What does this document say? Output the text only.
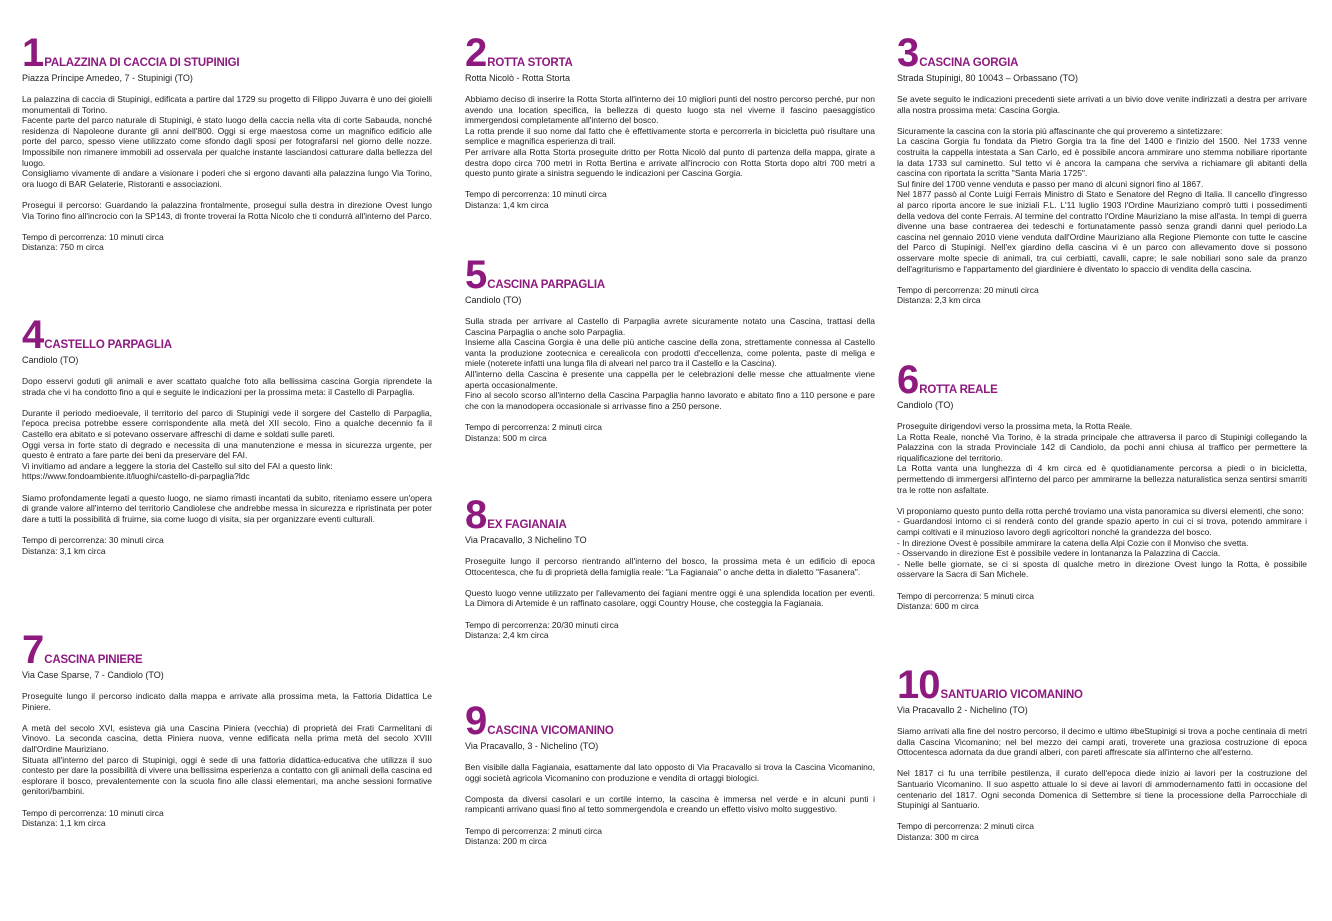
1 PALAZZINA DI CACCIA DI STUPINIGI
Piazza Principe Amedeo, 7 - Stupinigi (TO)
La palazzina di caccia di Stupinigi, edificata a partire dal 1729 su progetto di Filippo Juvarra è uno dei gioielli monumentali di Torino.
Facente parte del parco naturale di Stupinigi, è stato luogo della caccia nella vita di corte Sabauda, nonché residenza di Napoleone durante gli anni dell'800. Oggi si erge maestosa come un magnifico edificio alle porte del parco, spesso viene utilizzato come sfondo dagli sposi per fotografarsi nel giorno delle nozze. Impossibile non rimanere immobili ad osservala per qualche instante lasciandosi catturare dalla bellezza del luogo.
Consigliamo vivamente di andare a visionare i poderi che si ergono davanti alla palazzina lungo Via Torino, ora luogo di BAR Gelaterie, Ristoranti e associazioni.
Prosegui il percorso: Guardando la palazzina frontalmente, prosegui sulla destra in direzione Ovest lungo Via Torino fino all'incrocio con la SP143, di fronte troverai la Rotta Nicolo che ti condurrà all'interno del Parco.
Tempo di percorrenza: 10 minuti circa
Distanza: 750 m circa
4 CASTELLO PARPAGLIA
Candiolo (TO)
Dopo esservi goduti gli animali e aver scattato qualche foto alla bellissima cascina Gorgia riprendete la strada che vi ha condotto fino a qui e seguite le indicazioni per la prossima meta: il Castello di Parpaglia.
Durante il periodo medioevale, il territorio del parco di Stupinigi vede il sorgere del Castello di Parpaglia, l'epoca precisa potrebbe essere corrispondente alla metà del XII secolo. Fino a qualche decennio fa il Castello era abitato e si potevano osservare affreschi di dame e soldati sulle pareti.
Oggi versa in forte stato di degrado e necessita di una manutenzione e messa in sicurezza urgente, per questo è entrato a fare parte dei beni da preservare del FAI.
Vi invitiamo ad andare a leggere la storia del Castello sul sito del FAI a questo link:
https://www.fondoambiente.it/luoghi/castello-di-parpaglia?ldc
Siamo profondamente legati a questo luogo, ne siamo rimasti incantati da subito, riteniamo essere un'opera di grande valore all'interno del territorio Candiolese che andrebbe messa in sicurezza e ripristinata per poter dare a tutti la possibilità di fruirne, sia come luogo di visita, sia per organizzare eventi culturali.
Tempo di percorrenza: 30 minuti circa
Distanza: 3,1 km circa
7 CASCINA PINIERE
Via Case Sparse, 7 - Candiolo (TO)
Proseguite lungo il percorso indicato dalla mappa e arrivate alla prossima meta, la Fattoria Didattica Le Piniere.
A metà del secolo XVI, esisteva già una Cascina Piniera (vecchia) di proprietà dei Frati Carmelitani di Vinovo. La seconda cascina, detta Piniera nuova, venne edificata nella prima metà del secolo XVIII dall'Ordine Mauriziano.
Situata all'interno del parco di Stupinigi, oggi è sede di una fattoria didattica-educativa che utilizza il suo contesto per dare la possibilità di vivere una bellissima esperienza a contatto con gli animali della cascina ed esplorare il bosco, prevalentemente con la scuola fino alle classi elementari, ma anche sessioni formative genitori/bambini.
Tempo di percorrenza: 10 minuti circa
Distanza: 1,1 km circa
2 ROTTA STORTA
Rotta Nicolò - Rotta Storta
Abbiamo deciso di inserire la Rotta Storta all'interno dei 10 migliori punti del nostro percorso perché, pur non avendo una location specifica, la bellezza di questo luogo sta nel viverne il fascino paesaggistico immergendosi completamente all'interno del bosco.
La rotta prende il suo nome dal fatto che è effettivamente storta e percorrerla in bicicletta può risultare una semplice e magnifica esperienza di trail.
Per arrivare alla Rotta Storta proseguite dritto per Rotta Nicolò dal punto di partenza della mappa, girate a destra dopo circa 700 metri in Rotta Bertina e arrivate all'incrocio con Rotta Storta dopo altri 700 metri a questo punto girate a sinistra seguendo le indicazioni per Cascina Gorgia.
Tempo di percorrenza: 10 minuti circa
Distanza: 1,4 km circa
5 CASCINA PARPAGLIA
Candiolo (TO)
Sulla strada per arrivare al Castello di Parpaglia avrete sicuramente notato una Cascina, trattasi della Cascina Parpaglia o anche solo Parpaglia.
Insieme alla Cascina Gorgia è una delle più antiche cascine della zona, strettamente connessa al Castello vanta la produzione zootecnica e cerealicola con prodotti d'eccellenza, come polenta, paste di meliga e miele (noterete infatti una lunga fila di alveari nel parco tra il Castello e la Cascina).
All'interno della Cascina è presente una cappella per le celebrazioni delle messe che attualmente viene aperta occasionalmente.
Fino al secolo scorso all'interno della Cascina Parpaglia hanno lavorato e abitato fino a 110 persone e pare che con la manodopera occasionale si arrivasse fino a 250 persone.
Tempo di percorrenza: 2 minuti circa
Distanza: 500 m circa
8 EX FAGIANAIA
Via Pracavallo, 3 Nichelino TO
Proseguite lungo il percorso rientrando all'interno del bosco, la prossima meta è un edificio di epoca Ottocentesca, che fu di proprietà della famiglia reale: "La Fagianaia" o anche detta in dialetto "Fasanera".
Questo luogo venne utilizzato per l'allevamento dei fagiani mentre oggi è una splendida location per eventi. La Dimora di Artemide è un raffinato casolare, oggi Country House, che costeggia la Fagianaia.
Tempo di percorrenza: 20/30 minuti circa
Distanza: 2,4 km circa
9 CASCINA VICOMANINO
Via Pracavallo, 3 - Nichelino (TO)
Ben visibile dalla Fagianaia, esattamente dal lato opposto di Via Pracavallo si trova la Cascina Vicomanino, oggi società agricola Vicomanino con produzione e vendita di ortaggi biologici.
Composta da diversi casolari e un cortile interno, la cascina è immersa nel verde e in alcuni punti i rampicanti arrivano quasi fino al tetto sommergendola e creando un effetto visivo molto suggestivo.
Tempo di percorrenza: 2 minuti circa
Distanza: 200 m circa
3 CASCINA GORGIA
Strada Stupinigi, 80 10043 – Orbassano (TO)
Se avete seguito le indicazioni precedenti siete arrivati a un bivio dove venite indirizzati a destra per arrivare alla nostra prossima meta: Cascina Gorgia.
Sicuramente la cascina con la storia più affascinante che qui proveremo a sintetizzare:
La cascina Gorgia fu fondata da Pietro Gorgia tra la fine del 1400 e l'inizio del 1500. Nel 1733 venne costruita la cappella intestata a San Carlo, ed è possibile ancora ammirare uno stemma nobiliare riportante la data 1733 sul caminetto. Sul tetto vi è ancora la campana che serviva a richiamare gli abitanti della cascina con riportata la scritta "Santa Maria 1725".
Sul finire del 1700 venne venduta e passo per mano di alcuni signori fino al 1867.
Nel 1877 passò al Conte Luigi Ferrais Ministro di Stato e Senatore del Regno di Italia. Il cancello d'ingresso al parco riporta ancore le sue iniziali F.L. L'11 luglio 1903 l'Ordine Mauriziano comprò tutti i possedimenti della vedova del conte Ferrais. Al termine del contratto l'Ordine Mauriziano la mise all'asta. In tempi di guerra divenne una base contraerea dei tedeschi e fortunatamente passò senza grandi danni quel periodo.La cascina nel gennaio 2010 viene venduta dall'Ordine Mauriziano alla Regione Piemonte con tutte le cascine del Parco di Stupinigi. Nell'ex giardino della cascina vi è un parco con allevamento dove si possono osservare molte specie di animali, tra cui cerbiatti, cavalli, capre; le sale nobiliari sono sale da pranzo dell'agriturismo e l'appartamento del giardiniere è diventato lo spaccio di vendita della cascina.
Tempo di percorrenza: 20 minuti circa
Distanza: 2,3 km circa
6 ROTTA REALE
Candiolo (TO)
Proseguite dirigendovi verso la prossima meta, la Rotta Reale.
La Rotta Reale, nonché Via Torino, è la strada principale che attraversa il parco di Stupinigi collegando la Palazzina con la strada Provinciale 142 di Candiolo, da pochi anni chiusa al traffico per permettere la riqualificazione del territorio.
La Rotta vanta una lunghezza di 4 km circa ed è quotidianamente percorsa a piedi o in bicicletta, permettendo di immergersi all'interno del parco per ammirarne la bellezza naturalistica senza sentirsi smarriti tra le rotte non asfaltate.
Vi proponiamo questo punto della rotta perché troviamo una vista panoramica su diversi elementi, che sono:
- Guardandosi intorno ci si renderà conto del grande spazio aperto in cui ci si trova, potendo ammirare i campi coltivati e il minuzioso lavoro degli agricoltori nonché la grandezza del bosco.
- In direzione Ovest è possibile ammirare la catena della Alpi Cozie con il Monviso che svetta.
- Osservando in direzione Est è possibile vedere in lontananza la Palazzina di Caccia.
- Nelle belle giornate, se ci si sposta di qualche metro in direzione Ovest lungo la Rotta, è possibile osservare la Sacra di San Michele.
Tempo di percorrenza: 5 minuti circa
Distanza: 600 m circa
10 SANTUARIO VICOMANINO
Via Pracavallo 2 - Nichelino (TO)
Siamo arrivati alla fine del nostro percorso, il decimo e ultimo #beStupinigi si trova a poche centinaia di metri dalla Cascina Vicomanino; nel bel mezzo dei campi arati, troverete una graziosa costruzione di epoca Ottocentesca adornata da due grandi alberi, con pareti affrescate sia all'interno che all'esterno.
Nel 1817 ci fu una terribile pestilenza, il curato dell'epoca diede inizio ai lavori per la costruzione del Santuario Vicomanino. Il suo aspetto attuale lo si deve ai lavori di ammodernamento fatti in occasione del centenario del 1817. Ogni seconda Domenica di Settembre si tiene la processione della Parrocchiale di Stupinigi al Santuario.
Tempo di percorrenza: 2 minuti circa
Distanza: 300 m circa
